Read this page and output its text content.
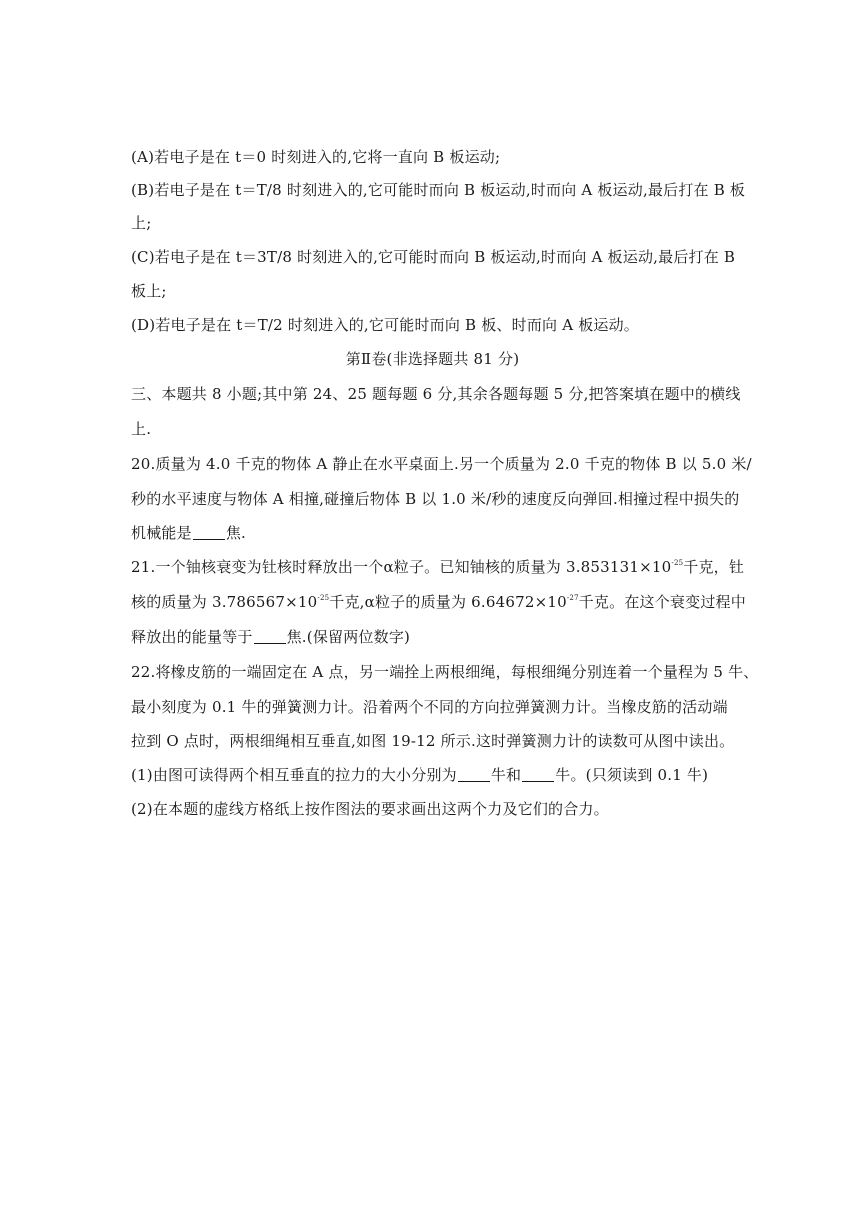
(A)若电子是在 t＝0 时刻进入的,它将一直向 B 板运动;
(B)若电子是在 t＝T/8 时刻进入的,它可能时而向 B 板运动,时而向 A 板运动,最后打在 B 板
上;
(C)若电子是在 t＝3T/8 时刻进入的,它可能时而向 B 板运动,时而向 A 板运动,最后打在 B
板上;
(D)若电子是在 t＝T/2 时刻进入的,它可能时而向 B 板、时而向 A 板运动。
第Ⅱ卷(非选择题共 81 分)
三、本题共 8 小题;其中第 24、25 题每题 6 分,其余各题每题 5 分,把答案填在题中的横线
上.
20.质量为 4.0 千克的物体 A 静止在水平桌面上.另一个质量为 2.0 千克的物体 B 以 5.0 米/
秒的水平速度与物体 A 相撞,碰撞后物体 B 以 1.0 米/秒的速度反向弹回.相撞过程中损失的
机械能是 焦.
21.一个铀核衰变为钍核时释放出一个α粒子。已知铀核的质量为 $3.853131\times 10^{-25}$千克，钍
核的质量为 $3.786567\times 10^{-25}$千克,α粒子的质量为 $6.64672\times 10^{-27}$千克。在这个衰变过程中
释放出的能量等于 焦.(保留两位数字)
22.将橡皮筋的一端固定在 A 点，另一端拴上两根细绳，每根细绳分别连着一个量程为 5 牛、
最小刻度为 0.1 牛的弹簧测力计。沿着两个不同的方向拉弹簧测力计。当橡皮筋的活动端
拉到 O 点时，两根细绳相互垂直,如图 19-12 所示.这时弹簧测力计的读数可从图中读出。
(1)由图可读得两个相互垂直的拉力的大小分别为 牛和 牛。(只须读到 0.1 牛)
(2)在本题的虚线方格纸上按作图法的要求画出这两个力及它们的合力。
